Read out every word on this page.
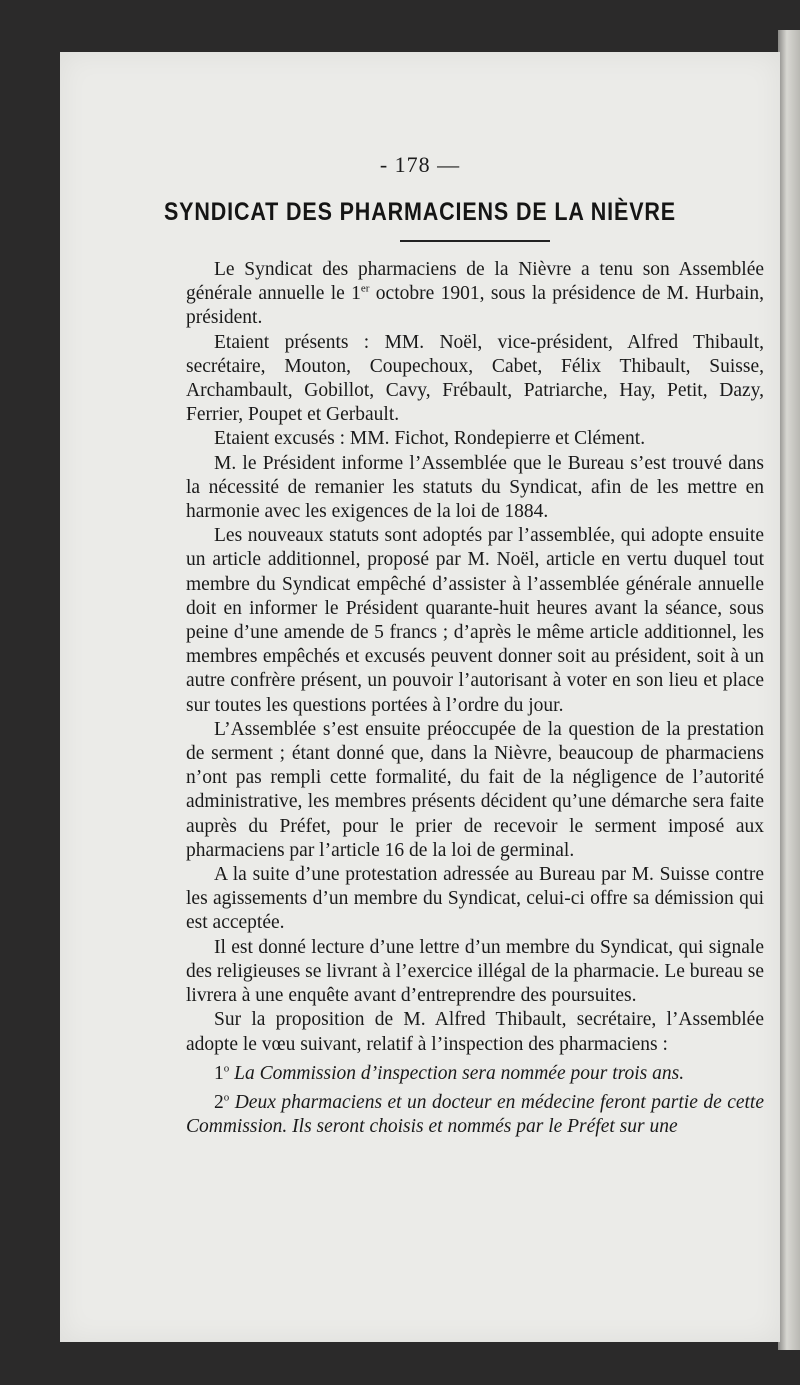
- 178 —
SYNDICAT DES PHARMACIENS DE LA NIÈVRE

Le Syndicat des pharmaciens de la Nièvre a tenu son Assemblée générale annuelle le 1er octobre 1901, sous la présidence de M. Hurbain, président.

Etaient présents : MM. Noël, vice-président, Alfred Thibault, secrétaire, Mouton, Coupechoux, Cabet, Félix Thibault, Suisse, Archambault, Gobillot, Cavy, Frébault, Patriarche, Hay, Petit, Dazy, Ferrier, Poupet et Gerbault.

Etaient excusés : MM. Fichot, Rondepierre et Clément.

M. le Président informe l’Assemblée que le Bureau s’est trouvé dans la nécessité de remanier les statuts du Syndicat, afin de les mettre en harmonie avec les exigences de la loi de 1884.

Les nouveaux statuts sont adoptés par l’assemblée, qui adopte ensuite un article additionnel, proposé par M. Noël, article en vertu duquel tout membre du Syndicat empêché d’assister à l’assemblée générale annuelle doit en informer le Président quarante-huit heures avant la séance, sous peine d’une amende de 5 francs ; d’après le même article additionnel, les membres empêchés et excusés peuvent donner soit au président, soit à un autre confrère présent, un pouvoir l’autorisant à voter en son lieu et place sur toutes les questions portées à l’ordre du jour.

L’Assemblée s’est ensuite préoccupée de la question de la prestation de serment ; étant donné que, dans la Nièvre, beaucoup de pharmaciens n’ont pas rempli cette formalité, du fait de la négligence de l’autorité administrative, les membres présents décident qu’une démarche sera faite auprès du Préfet, pour le prier de recevoir le serment imposé aux pharmaciens par l’article 16 de la loi de germinal.

A la suite d’une protestation adressée au Bureau par M. Suisse contre les agissements d’un membre du Syndicat, celui-ci offre sa démission qui est acceptée.

Il est donné lecture d’une lettre d’un membre du Syndicat, qui signale des religieuses se livrant à l’exercice illégal de la pharmacie. Le bureau se livrera à une enquête avant d’entreprendre des poursuites.

Sur la proposition de M. Alfred Thibault, secrétaire, l’Assemblée adopte le vœu suivant, relatif à l’inspection des pharmaciens :

1$^o$ La Commission d’inspection sera nommée pour trois ans.

2$^o$ Deux pharmaciens et un docteur en médecine feront partie de cette Commission. Ils seront choisis et nommés par le Préfet sur une
